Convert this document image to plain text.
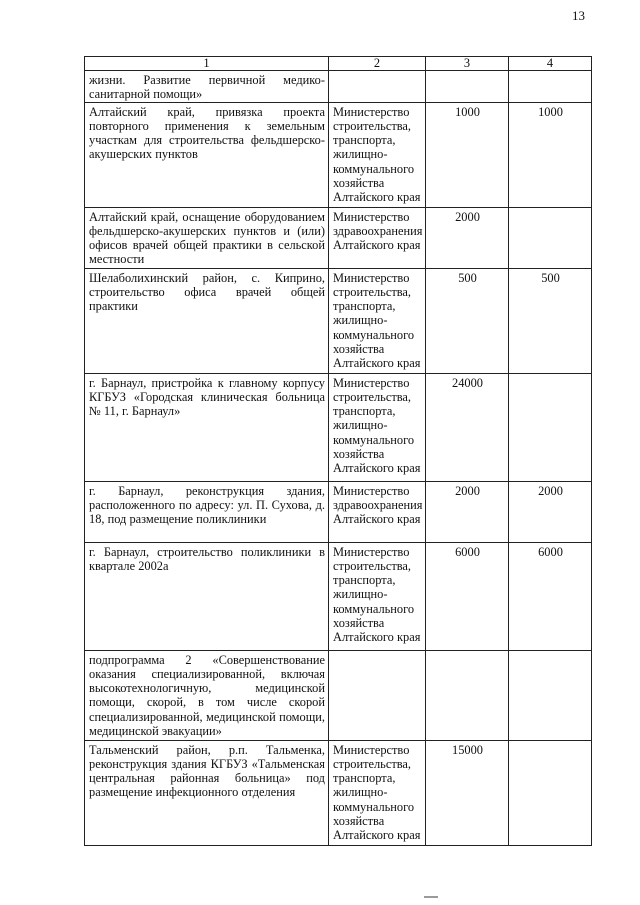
13
1	2	3	4
жизни. Развитие первичной медико-санитарной помощи»			
Алтайский край, привязка проекта повторного применения к земельным участкам для строительства фельдшерско-акушерских пунктов	Министерство строительства, транспорта, жилищно-коммунального хозяйства Алтайского края	1000	1000
Алтайский край, оснащение оборудованием фельдшерско-акушерских пунктов и (или) офисов врачей общей практики в сельской местности	Министерство здравоохранения Алтайского края	2000	
Шелаболихинский район, с. Киприно, строительство офиса врачей общей практики	Министерство строительства, транспорта, жилищно-коммунального хозяйства Алтайского края	500	500
г. Барнаул, пристройка к главному корпусу КГБУЗ «Городская клиническая больница № 11, г. Барнаул»	Министерство строительства, транспорта, жилищно-коммунального хозяйства Алтайского края	24000	
г. Барнаул, реконструкция здания, расположенного по адресу: ул. П. Сухова, д. 18, под размещение поликлиники	Министерство здравоохранения Алтайского края	2000	2000
г. Барнаул, строительство поликлиники в квартале 2002а	Министерство строительства, транспорта, жилищно-коммунального хозяйства Алтайского края	6000	6000
подпрограмма 2 «Совершенствование оказания специализированной, включая высокотехнологичную, медицинской помощи, скорой, в том числе скорой специализированной, медицинской помощи, медицинской эвакуации»			
Тальменский район, р.п. Тальменка, реконструкция здания КГБУЗ «Тальменская центральная районная больница» под размещение инфекционного отделения	Министерство строительства, транспорта, жилищно-коммунального хозяйства Алтайского края	15000	
